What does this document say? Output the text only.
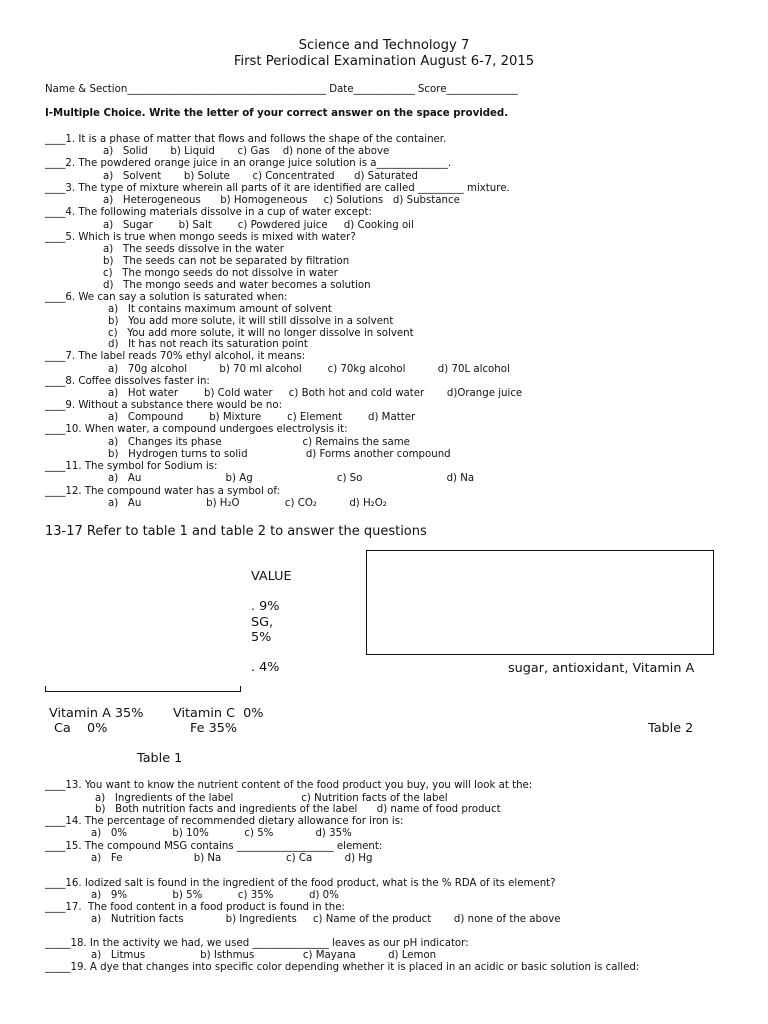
Science and Technology 7
First Periodical Examination August 6-7, 2015
Name & Section_______________________________________ Date____________ Score______________
I-Multiple Choice. Write the letter of your correct answer on the space provided.
____1. It is a phase of matter that flows and follows the shape of the container.
a)   Solid       b) Liquid       c) Gas    d) none of the above
____2. The powdered orange juice in an orange juice solution is a______________.
a)   Solvent       b) Solute       c) Concentrated      d) Saturated
____3. The type of mixture wherein all parts of it are identified are called _________ mixture.
a)   Heterogeneous      b) Homogeneous     c) Solutions   d) Substance
____4. The following materials dissolve in a cup of water except:
a)   Sugar        b) Salt        c) Powdered juice     d) Cooking oil
____5. Which is true when mongo seeds is mixed with water?
a)   The seeds dissolve in the water
b)   The seeds can not be separated by filtration
c)   The mongo seeds do not dissolve in water
d)   The mongo seeds and water becomes a solution
____6. We can say a solution is saturated when:
a)   It contains maximum amount of solvent
b)   You add more solute, it will still dissolve in a solvent
c)   You add more solute, it will no longer dissolve in solvent
d)   It has not reach its saturation point
____7. The label reads 70% ethyl alcohol, it means:
a)   70g alcohol          b) 70 ml alcohol        c) 70kg alcohol          d) 70L alcohol
____8. Coffee dissolves faster in:
a)   Hot water        b) Cold water     c) Both hot and cold water       d)Orange juice
____9. Without a substance there would be no:
a)   Compound        b) Mixture        c) Element        d) Matter
____10. When water, a compound undergoes electrolysis it:
a)   Changes its phase                         c) Remains the same
b)   Hydrogen turns to solid                  d) Forms another compound
____11. The symbol for Sodium is:
a)   Au                          b) Ag                          c) So                          d) Na
____12. The compound water has a symbol of:
a)   Au                    b) H₂O              c) CO₂          d) H₂O₂
13-17 Refer to table 1 and table 2 to answer the questions
VALUE
. 9%
SG,
5%
. 4%
Vitamin A 35% Vitamin C  0%
Ca    0%	Fe 35%
Table 1
sugar, antioxidant, Vitamin A
Table 2
____13. You want to know the nutrient content of the food product you buy, you will look at the:
a)   Ingredients of the label                     c) Nutrition facts of the label
b)   Both nutrition facts and ingredients of the label      d) name of food product
____14. The percentage of recommended dietary allowance for iron is:
a)   0%              b) 10%           c) 5%             d) 35%
____15. The compound MSG contains ___________________ element:
a)   Fe                      b) Na                    c) Ca          d) Hg
____16. Iodized salt is found in the ingredient of the food product, what is the % RDA of its element?
a)   9%              b) 5%           c) 35%           d) 0%
____17.  The food content in a food product is found in the:
a)   Nutrition facts             b) Ingredients     c) Name of the product       d) none of the above
_____18. In the activity we had, we used _______________ leaves as our pH indicator:
a)   Litmus                 b) Isthmus               c) Mayana          d) Lemon
_____19. A dye that changes into specific color depending whether it is placed in an acidic or basic solution is called:
